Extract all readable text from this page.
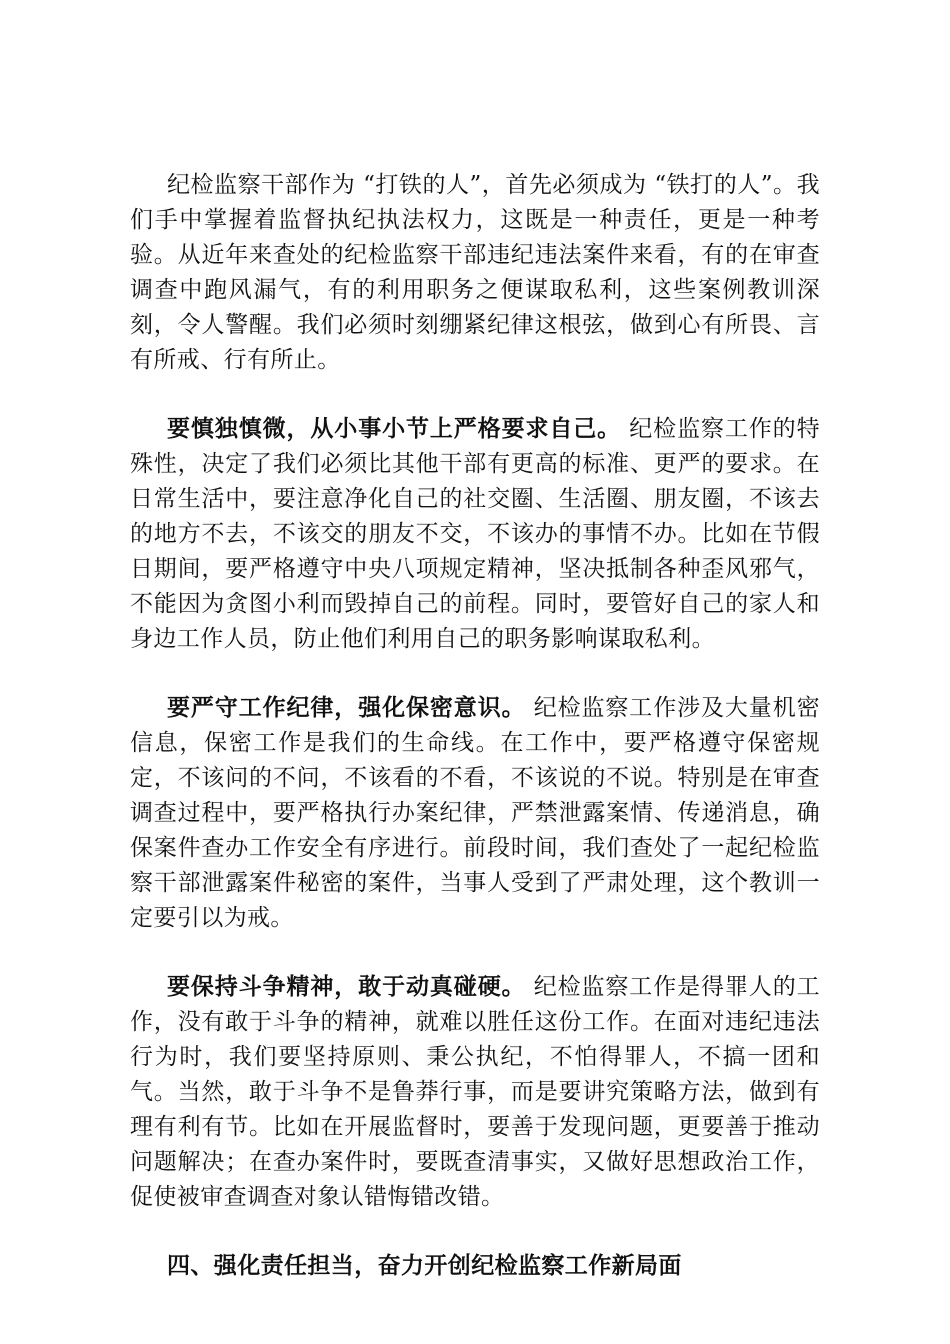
纪检监察干部作为 “打铁的人”，首先必须成为 “铁打的人”。我们手中掌握着监督执纪执法权力，这既是一种责任，更是一种考验。从近年来查处的纪检监察干部违纪违法案件来看，有的在审查调查中跑风漏气，有的利用职务之便谋取私利，这些案例教训深刻，令人警醒。我们必须时刻绷紧纪律这根弦，做到心有所畏、言有所戒、行有所止。

要慎独慎微，从小事小节上严格要求自己。 纪检监察工作的特殊性，决定了我们必须比其他干部有更高的标准、更严的要求。在日常生活中，要注意净化自己的社交圈、生活圈、朋友圈，不该去的地方不去，不该交的朋友不交，不该办的事情不办。比如在节假日期间，要严格遵守中央八项规定精神，坚决抵制各种歪风邪气，不能因为贪图小利而毁掉自己的前程。同时，要管好自己的家人和身边工作人员，防止他们利用自己的职务影响谋取私利。

要严守工作纪律，强化保密意识。 纪检监察工作涉及大量机密信息，保密工作是我们的生命线。在工作中，要严格遵守保密规定，不该问的不问，不该看的不看，不该说的不说。特别是在审查调查过程中，要严格执行办案纪律，严禁泄露案情、传递消息，确保案件查办工作安全有序进行。前段时间，我们查处了一起纪检监察干部泄露案件秘密的案件，当事人受到了严肃处理，这个教训一定要引以为戒。

要保持斗争精神，敢于动真碰硬。 纪检监察工作是得罪人的工作，没有敢于斗争的精神，就难以胜任这份工作。在面对违纪违法行为时，我们要坚持原则、秉公执纪，不怕得罪人，不搞一团和气。当然，敢于斗争不是鲁莽行事，而是要讲究策略方法，做到有理有利有节。比如在开展监督时，要善于发现问题，更要善于推动问题解决；在查办案件时，要既查清事实，又做好思想政治工作，促使被审查调查对象认错悔错改错。

四、强化责任担当，奋力开创纪检监察工作新局面
